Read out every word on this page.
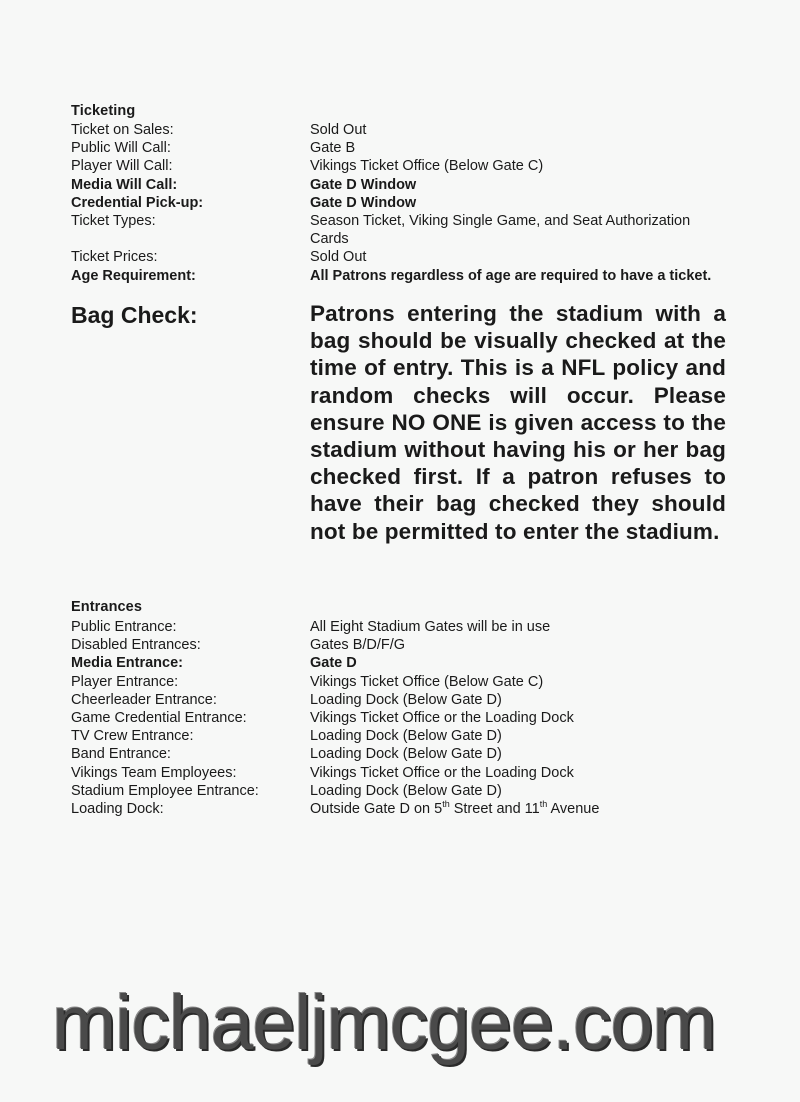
Ticketing
Ticket on Sales:	Sold Out
Public Will Call:	Gate B
Player Will Call:	Vikings Ticket Office (Below Gate C)
Media Will Call:	Gate D Window
Credential Pick-up:	Gate D Window
Ticket Types:	Season Ticket, Viking Single Game, and Seat Authorization Cards
Ticket Prices:	Sold Out
Age Requirement:	All Patrons regardless of age are required to have a ticket.
Bag Check:	Patrons entering the stadium with a bag should be visually checked at the time of entry. This is a NFL policy and random checks will occur. Please ensure NO ONE is given access to the stadium without having his or her bag checked first. If a patron refuses to have their bag checked they should not be permitted to enter the stadium.
Entrances
Public Entrance:	All Eight Stadium Gates will be in use
Disabled Entrances:	Gates B/D/F/G
Media Entrance:	Gate D
Player Entrance:	Vikings Ticket Office (Below Gate C)
Cheerleader Entrance:	Loading Dock (Below Gate D)
Game Credential Entrance:	Vikings Ticket Office or the Loading Dock
TV Crew Entrance:	Loading Dock (Below Gate D)
Band Entrance:	Loading Dock (Below Gate D)
Vikings Team Employees:	Vikings Ticket Office or the Loading Dock
Stadium Employee Entrance:	Loading Dock (Below Gate D)
Loading Dock:	Outside Gate D on 5th Street and 11th Avenue
michaeljmcgee.com
